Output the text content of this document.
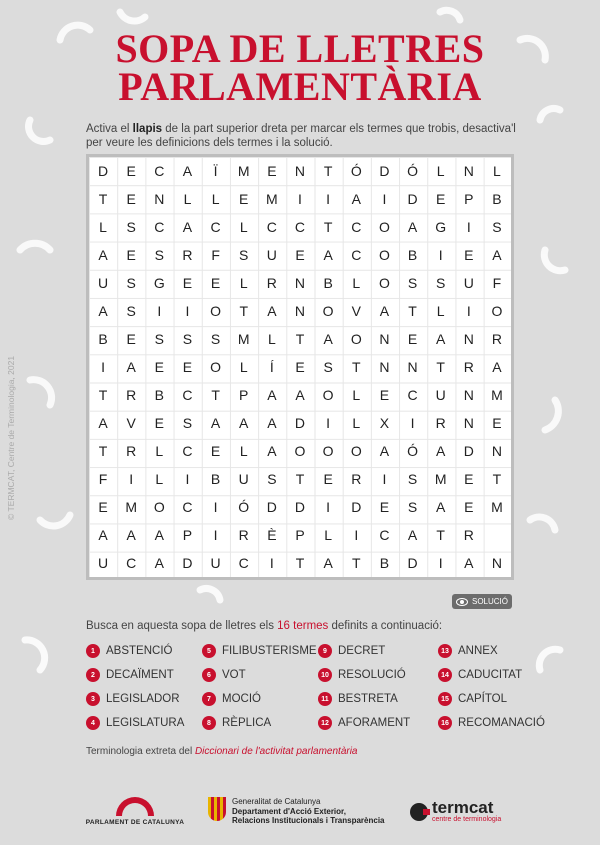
SOPA DE LLETRES
PARLAMENTÀRIA
© TERMCAT, Centre de Terminologia, 2021
Activa el llapis de la part superior dreta per marcar els termes que trobis, desactiva'l per veure les definicions dels termes i la solució.
D	E	C	A	Ï	M	E	N	T	Ó	D	Ó	L	N	L
T	E	N	L	L	E	M	I	I	A	I	D	E	P	B
L	S	C	A	C	L	C	C	T	C	O	A	G	I	S
A	E	S	R	F	S	U	E	A	C	O	B	I	E	A
U	S	G	E	E	L	R	N	B	L	O	S	S	U	F
A	S	I	I	O	T	A	N	O	V	A	T	L	I	O
B	E	S	S	S	M	L	T	A	O	N	E	A	N	R
I	A	E	E	O	L	Í	E	S	T	N	N	T	R	A
T	R	B	C	T	P	A	A	O	L	E	C	U	N	M
A	V	E	S	A	A	A	D	I	L	X	I	R	N	E
T	R	L	C	E	L	A	O	O	O	A	Ó	A	D	N
F	I	L	I	B	U	S	T	E	R	I	S	M	E	T
E	M	O	C	I	Ó	D	D	I	D	E	S	A	E	M
A	A	A	P	I	R	È	P	L	I	C	A	T	R
U	C	A	D	U	C	I	T	A	T	B	D	I	A	N
SOLUCIÓ
Busca en aquesta sopa de lletres els 16 termes definits a continuació:
1 ABSTENCIÓ	5 FILIBUSTERISME 9 DECRET	13 ANNEX
2 DECAÏMENT	6 VOT	10 RESOLUCIÓ	14 CADUCITAT
3 LEGISLADOR	7 MOCIÓ	11 BESTRETA	15 CAPÍTOL
4 LEGISLATURA	8 RÈPLICA	12 AFORAMENT	16 RECOMANACIÓ
Terminologia extreta del Diccionari de l'activitat parlamentària
PARLAMENT DE CATALUNYA
Generalitat de Catalunya
Departament d'Acció Exterior,
Relacions Institucionals i Transparència
termcat
centre de terminologia
